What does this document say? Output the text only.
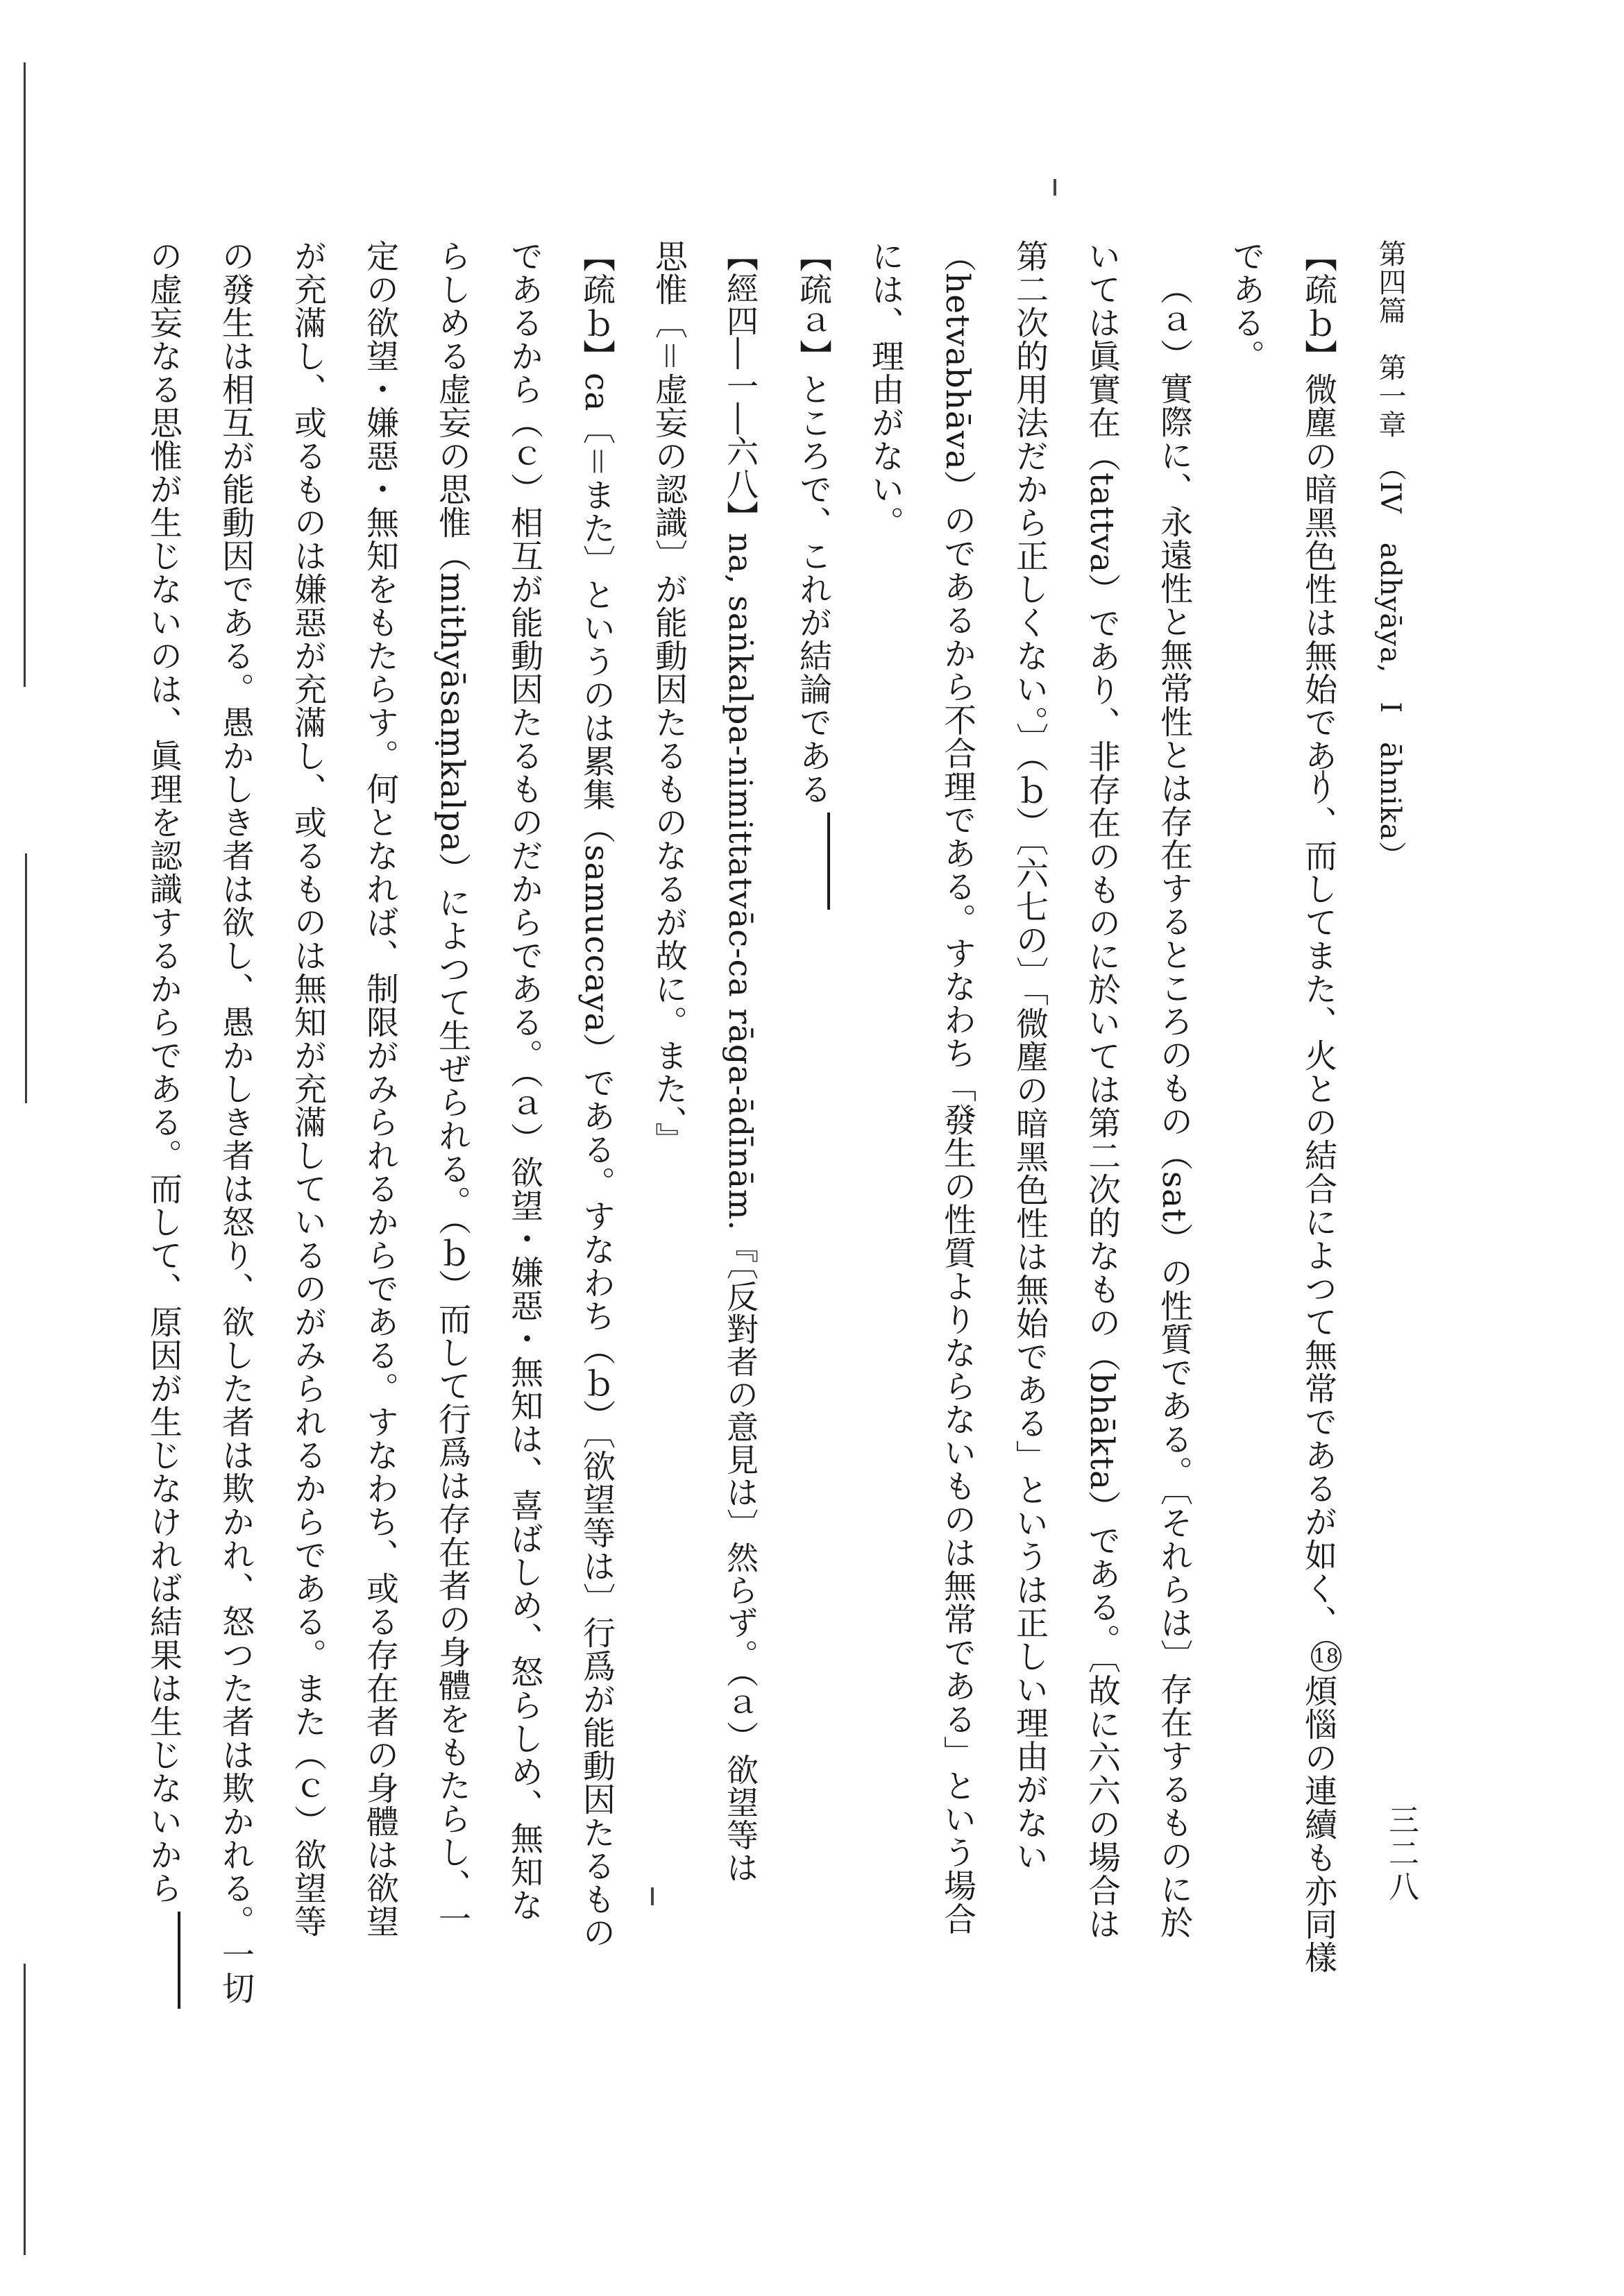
第四篇　第一章　（IV　adhyāya,　I　āhnika）
【疏ｂ】微塵の暗黑色性は無始であり、而してまた、火との結合によつて無常であるが如く、18煩惱の連續も亦同樣
である。
（ａ）實際に、永遠性と無常性とは存在するところのもの（sat）の性質である。〔それらは〕存在するものに於
いては眞實在（tattva）であり、非存在のものに於いては第二次的なもの（bhākta）である。〔故に六六の場合は
第二次的用法だから正しくない。〕（ｂ）〔六七の〕「微塵の暗黑色性は無始である」というは正しい理由がない
（hetvabhāva）のであるから不合理である。すなわち「發生の性質よりならないものは無常である」という場合
には、理由がない。
【疏ａ】ところで、これが結論である
【經四―一―六八】na, saṅkalpa-nimittatvāc-ca rāga-ādīnām.『〔反對者の意見は〕然らず。（ａ）欲望等は
思惟〔＝虚妄の認識〕が能動因たるものなるが故に。また、』
【疏ｂ】ca〔＝また〕というのは累集（samuccaya）である。すなわち（ｂ）〔欲望等は〕行爲が能動因たるもの
であるから（ｃ）相互が能動因たるものだからである。（ａ）欲望・嫌惡・無知は、喜ばしめ、怒らしめ、無知な
らしめる虚妄の思惟（mithyāsaṃkalpa）によつて生ぜられる。（ｂ）而して行爲は存在者の身體をもたらし、一
定の欲望・嫌惡・無知をもたらす。何となれば、制限がみられるからである。すなわち、或る存在者の身體は欲望
が充滿し、或るものは嫌惡が充滿し、或るものは無知が充滿しているのがみられるからである。また（ｃ）欲望等
の發生は相互が能動因である。愚かしき者は欲し、愚かしき者は怒り、欲した者は欺かれ、怒つた者は欺かれる。一切
の虚妄なる思惟が生じないのは、眞理を認識するからである。而して、原因が生じなければ結果は生じないから	三二八
